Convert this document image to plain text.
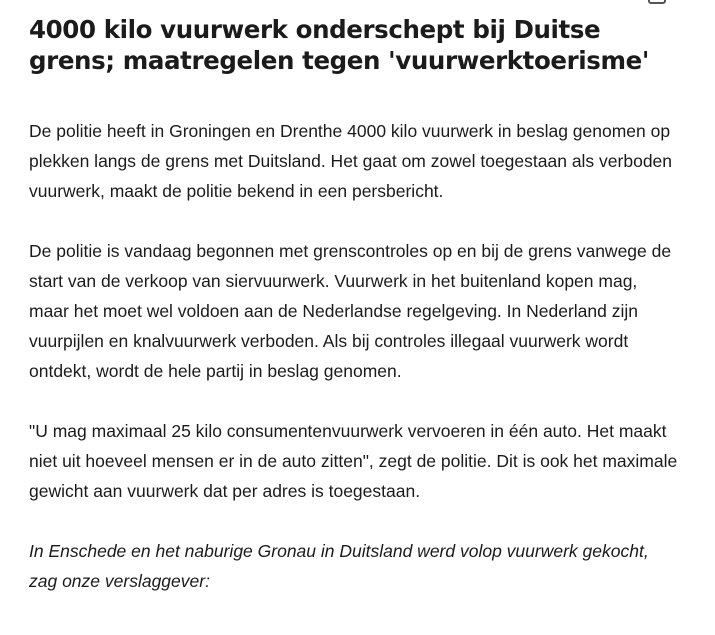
4000 kilo vuurwerk onderschept bij Duitse grens; maatregelen tegen 'vuurwerktoerisme'

De politie heeft in Groningen en Drenthe 4000 kilo vuurwerk in beslag genomen op plekken langs de grens met Duitsland. Het gaat om zowel toegestaan als verboden vuurwerk, maakt de politie bekend in een persbericht.

De politie is vandaag begonnen met grenscontroles op en bij de grens vanwege de start van de verkoop van siervuurwerk. Vuurwerk in het buitenland kopen mag, maar het moet wel voldoen aan de Nederlandse regelgeving. In Nederland zijn vuurpijlen en knalvuurwerk verboden. Als bij controles illegaal vuurwerk wordt ontdekt, wordt de hele partij in beslag genomen.

"U mag maximaal 25 kilo consumentenvuurwerk vervoeren in één auto. Het maakt niet uit hoeveel mensen er in de auto zitten", zegt de politie. Dit is ook het maximale gewicht aan vuurwerk dat per adres is toegestaan.

In Enschede en het naburige Gronau in Duitsland werd volop vuurwerk gekocht, zag onze verslaggever:
